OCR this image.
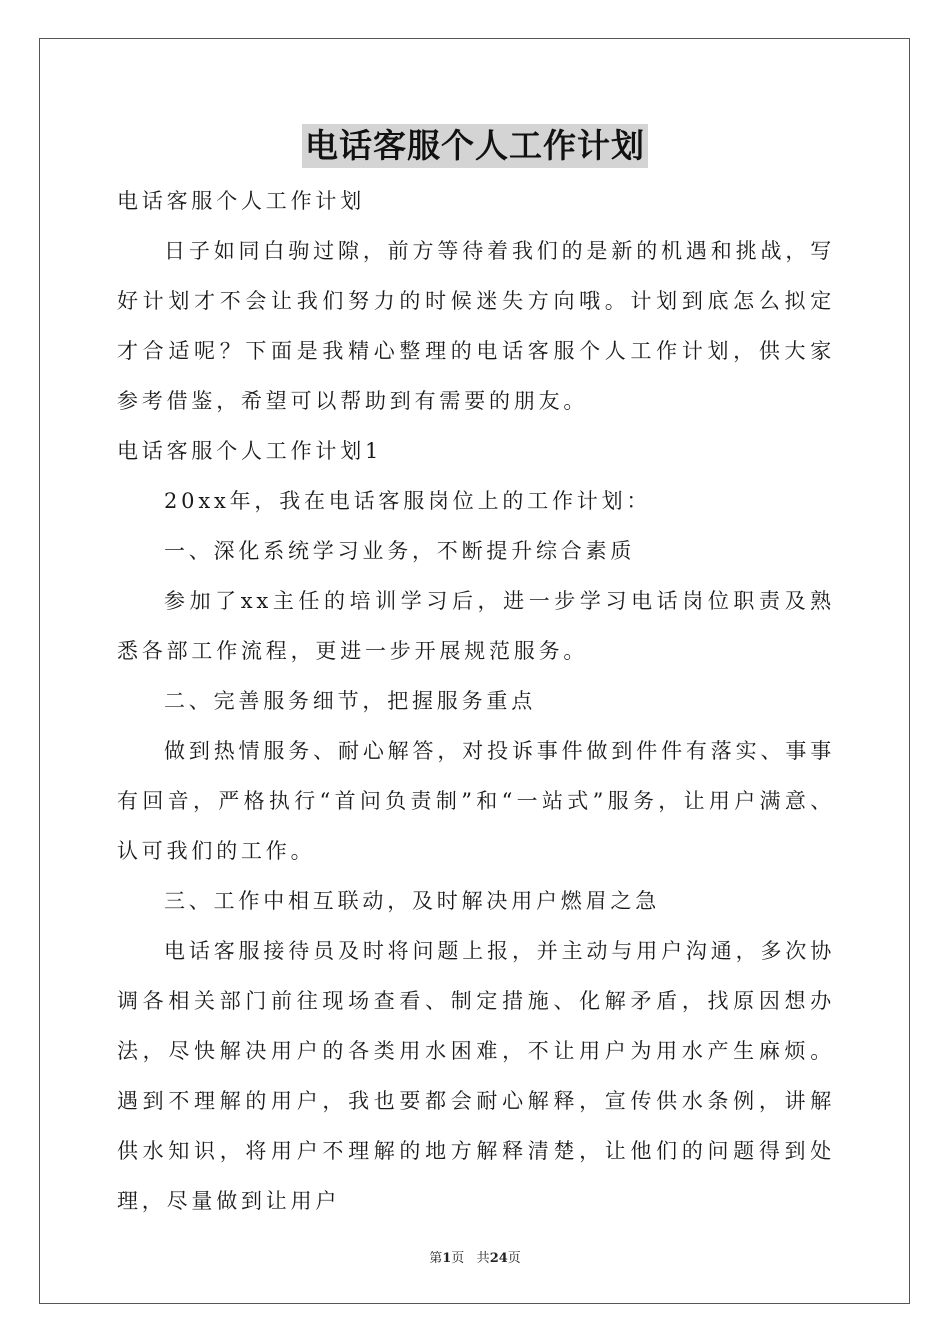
电话客服个人工作计划

电话客服个人工作计划

日子如同白驹过隙，前方等待着我们的是新的机遇和挑战，写好计划才不会让我们努力的时候迷失方向哦。计划到底怎么拟定才合适呢？下面是我精心整理的电话客服个人工作计划，供大家参考借鉴，希望可以帮助到有需要的朋友。

电话客服个人工作计划1

20xx年，我在电话客服岗位上的工作计划：

一、深化系统学习业务，不断提升综合素质

参加了xx主任的培训学习后，进一步学习电话岗位职责及熟悉各部工作流程，更进一步开展规范服务。

二、完善服务细节，把握服务重点

做到热情服务、耐心解答，对投诉事件做到件件有落实、事事有回音，严格执行“首问负责制”和“一站式”服务，让用户满意、认可我们的工作。

三、工作中相互联动，及时解决用户燃眉之急

电话客服接待员及时将问题上报，并主动与用户沟通，多次协调各相关部门前往现场查看、制定措施、化解矛盾，找原因想办法，尽快解决用户的各类用水困难，不让用户为用水产生麻烦。遇到不理解的用户，我也要都会耐心解释，宣传供水条例，讲解供水知识，将用户不理解的地方解释清楚，让他们的问题得到处理，尽量做到让用户

第1页 共24页
